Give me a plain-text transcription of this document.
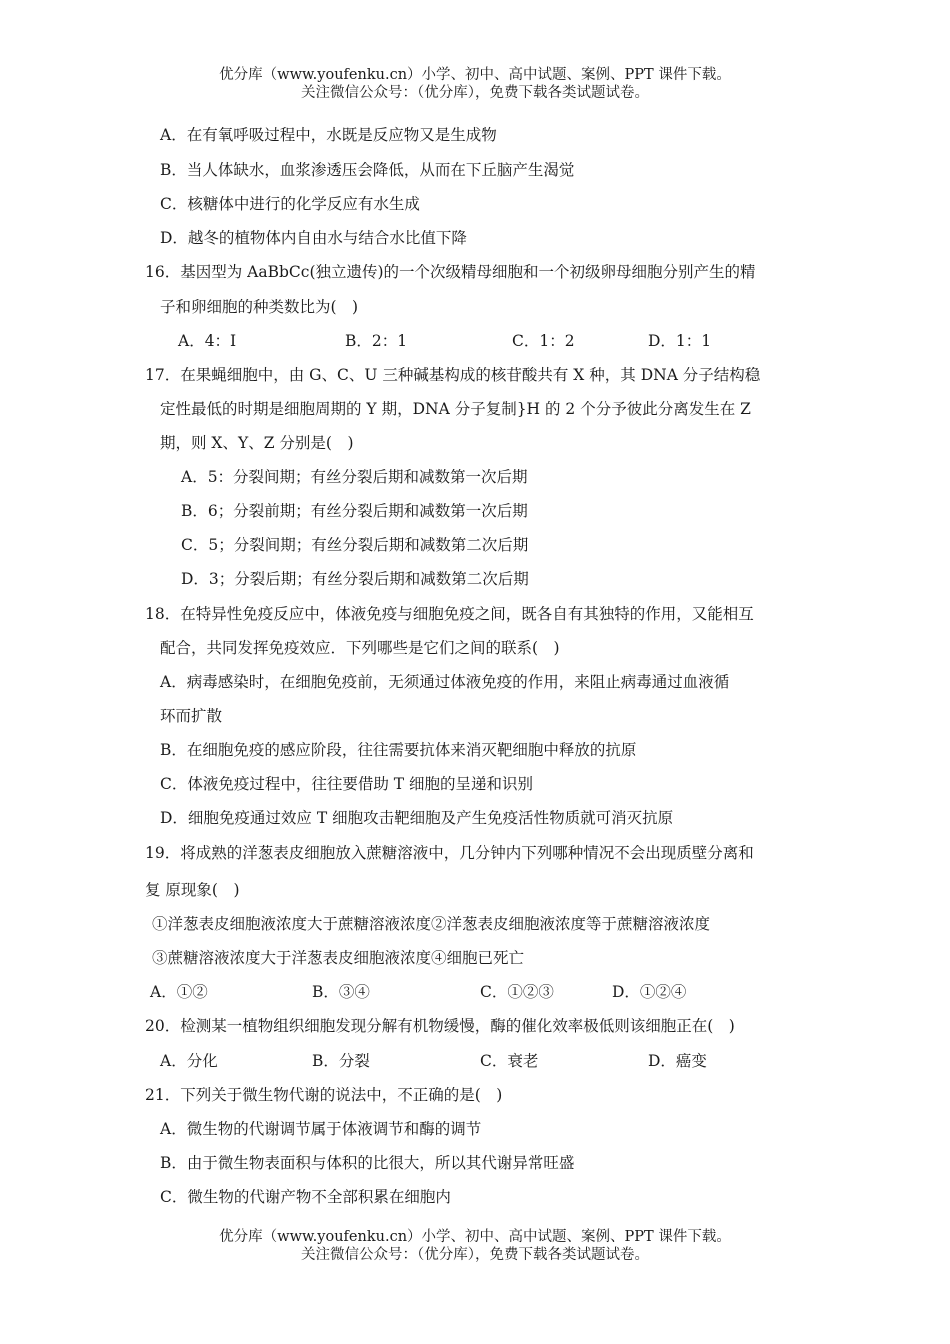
优分库（www.youfenku.cn）小学、初中、高中试题、案例、PPT 课件下载。
关注微信公众号：（优分库），免费下载各类试题试卷。
A．在有氧呼吸过程中，水既是反应物又是生成物
B．当人体缺水，血浆渗透压会降低，从而在下丘脑产生渴觉
C．核糖体中进行的化学反应有水生成
D．越冬的植物体内自由水与结合水比值下降
16．基因型为 AaBbCc(独立遗传)的一个次级精母细胞和一个初级卵母细胞分别产生的精
子和卵细胞的种类数比为(　)
A．4：I	B．2：1	C．1：2	D．1：1
17．在果蝇细胞中，由 G、C、U 三种碱基构成的核苷酸共有 X 种，其 DNA 分子结构稳
定性最低的时期是细胞周期的 Y 期，DNA 分子复制}H 的 2 个分予彼此分离发生在 Z
期，则 X、Y、Z 分别是(　)
A．5：分裂间期；有丝分裂后期和减数第一次后期
B．6；分裂前期；有丝分裂后期和减数第一次后期
C．5；分裂间期；有丝分裂后期和减数第二次后期
D．3；分裂后期；有丝分裂后期和减数第二次后期
18．在特异性免疫反应中，体液免疫与细胞免疫之间，既各自有其独特的作用，又能相互
配合，共同发挥免疫效应．下列哪些是它们之间的联系(　)
A．病毒感染时，在细胞免疫前，无须通过体液免疫的作用，来阻止病毒通过血液循
环而扩散
B．在细胞免疫的感应阶段，往往需要抗体来消灭靶细胞中释放的抗原
C．体液免疫过程中，往往要借助 T 细胞的呈递和识别
D．细胞免疫通过效应 T 细胞攻击靶细胞及产生免疫活性物质就可消灭抗原
19．将成熟的洋葱表皮细胞放入蔗糖溶液中，几分钟内下列哪种情况不会出现质壁分离和
复 原现象(　)
①洋葱表皮细胞液浓度大于蔗糖溶液浓度②洋葱表皮细胞液浓度等于蔗糖溶液浓度
③蔗糖溶液浓度大于洋葱表皮细胞液浓度④细胞已死亡
A．①②	B．③④	C．①②③	D．①②④
20．检测某一植物组织细胞发现分解有机物缓慢，酶的催化效率极低则该细胞正在(　)
A．分化	B．分裂	C．衰老	D．癌变
21．下列关于微生物代谢的说法中，不正确的是(　)
A．微生物的代谢调节属于体液调节和酶的调节
B．由于微生物表面积与体积的比很大，所以其代谢异常旺盛
C．微生物的代谢产物不全部积累在细胞内
优分库（www.youfenku.cn）小学、初中、高中试题、案例、PPT 课件下载。
关注微信公众号：（优分库），免费下载各类试题试卷。
